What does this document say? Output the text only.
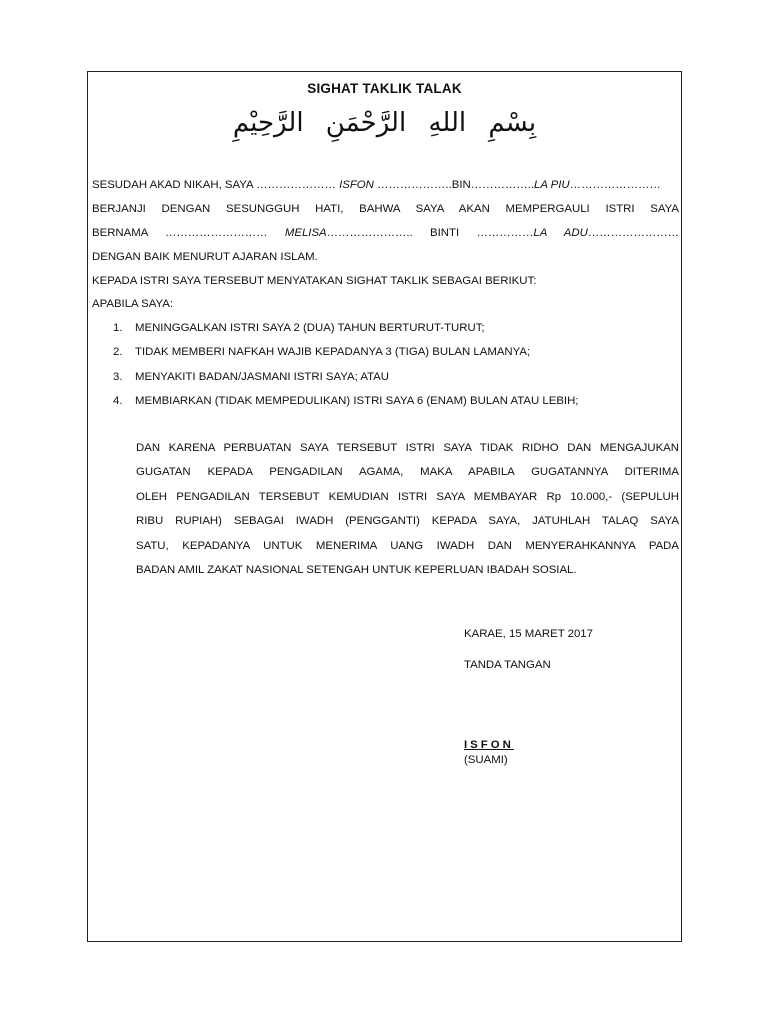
SIGHAT TAKLIK TALAK
بِسْمِ اللهِ الرَّحْمَنِ الرَّحِيْمِ
SESUDAH AKAD NIKAH, SAYA ………………… ISFON ………………..BIN……………..LA PIU……………………
BERJANJI DENGAN SESUNGGUH HATI, BAHWA SAYA AKAN MEMPERGAULI ISTRI SAYA
BERNAMA ……………………… MELISA………………….. BINTI ……………LA ADU……………………
DENGAN BAIK MENURUT AJARAN ISLAM.
KEPADA ISTRI SAYA TERSEBUT MENYATAKAN SIGHAT TAKLIK SEBAGAI BERIKUT:
APABILA SAYA:
1. MENINGGALKAN ISTRI SAYA 2 (DUA) TAHUN BERTURUT-TURUT;
2. TIDAK MEMBERI NAFKAH WAJIB KEPADANYA 3 (TIGA) BULAN LAMANYA;
3. MENYAKITI BADAN/JASMANI ISTRI SAYA; ATAU
4. MEMBIARKAN (TIDAK MEMPEDULIKAN) ISTRI SAYA 6 (ENAM) BULAN ATAU LEBIH;
DAN KARENA PERBUATAN SAYA TERSEBUT ISTRI SAYA TIDAK RIDHO DAN MENGAJUKAN
GUGATAN KEPADA PENGADILAN AGAMA, MAKA APABILA GUGATANNYA DITERIMA
OLEH PENGADILAN TERSEBUT KEMUDIAN ISTRI SAYA MEMBAYAR Rp 10.000,- (SEPULUH
RIBU RUPIAH) SEBAGAI IWADH (PENGGANTI) KEPADA SAYA, JATUHLAH TALAQ SAYA
SATU, KEPADANYA UNTUK MENERIMA UANG IWADH DAN MENYERAHKANNYA PADA
BADAN AMIL ZAKAT NASIONAL SETENGAH UNTUK KEPERLUAN IBADAH SOSIAL.
KARAE, 15 MARET 2017
TANDA TANGAN
ISFON
(SUAMI)
